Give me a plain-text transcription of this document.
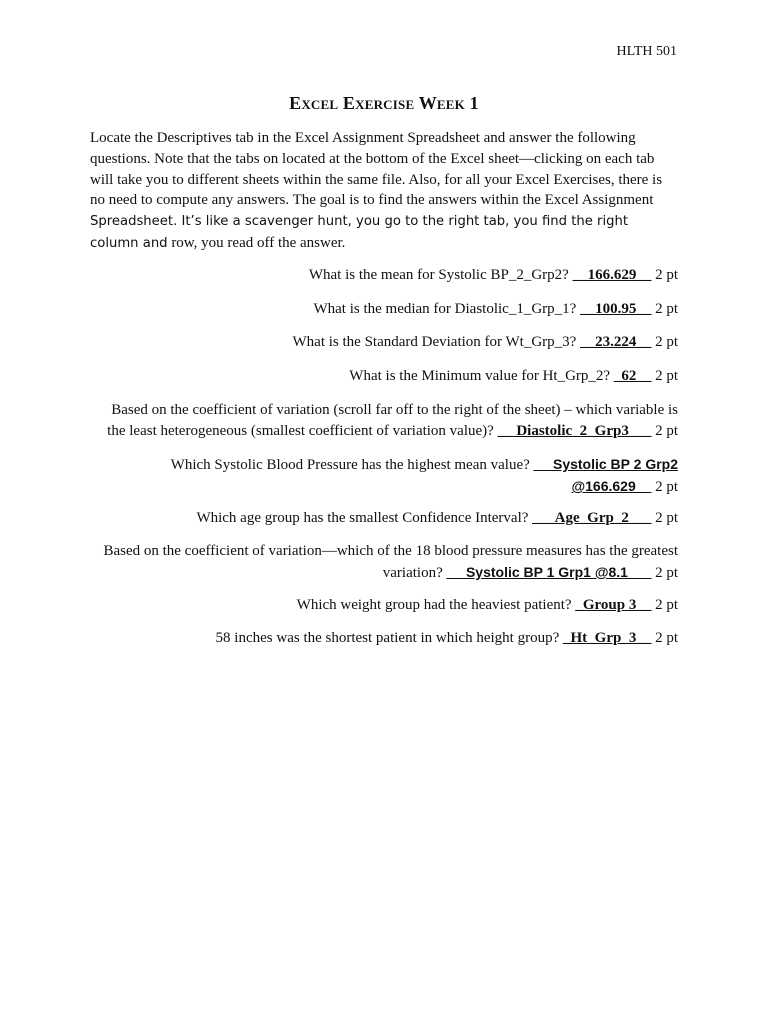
HLTH 501
Excel Exercise Week 1
Locate the Descriptives tab in the Excel Assignment Spreadsheet and answer the following questions. Note that the tabs on located at the bottom of the Excel sheet—clicking on each tab will take you to different sheets within the same file. Also, for all your Excel Exercises, there is no need to compute any answers. The goal is to find the answers within the Excel Assignment Spreadsheet. It’s like a scavenger hunt, you go to the right tab, you find the right column and row, you read off the answer.
What is the mean for Systolic BP_2_Grp2? __166.629__ 2 pt
What is the median for Diastolic_1_Grp_1? __100.95__ 2 pt
What is the Standard Deviation for Wt_Grp_3? __23.224__ 2 pt
What is the Minimum value for Ht_Grp_2? _62__ 2 pt
Based on the coefficient of variation (scroll far off to the right of the sheet) – which variable is
the least heterogeneous (smallest coefficient of variation value)? __ Diastolic_2_Grp3___ 2 pt
Which Systolic Blood Pressure has the highest mean value? __ Systolic BP 2 Grp2
@166.629__ 2 pt
Which age group has the smallest Confidence Interval? ___Age_Grp_2___ 2 pt
Based on the coefficient of variation—which of the 18 blood pressure measures has the greatest
variation? __ Systolic BP 1 Grp1 @8.1___ 2 pt
Which weight group had the heaviest patient? _Group 3__ 2 pt
58 inches was the shortest patient in which height group? _Ht_Grp_3__ 2 pt
